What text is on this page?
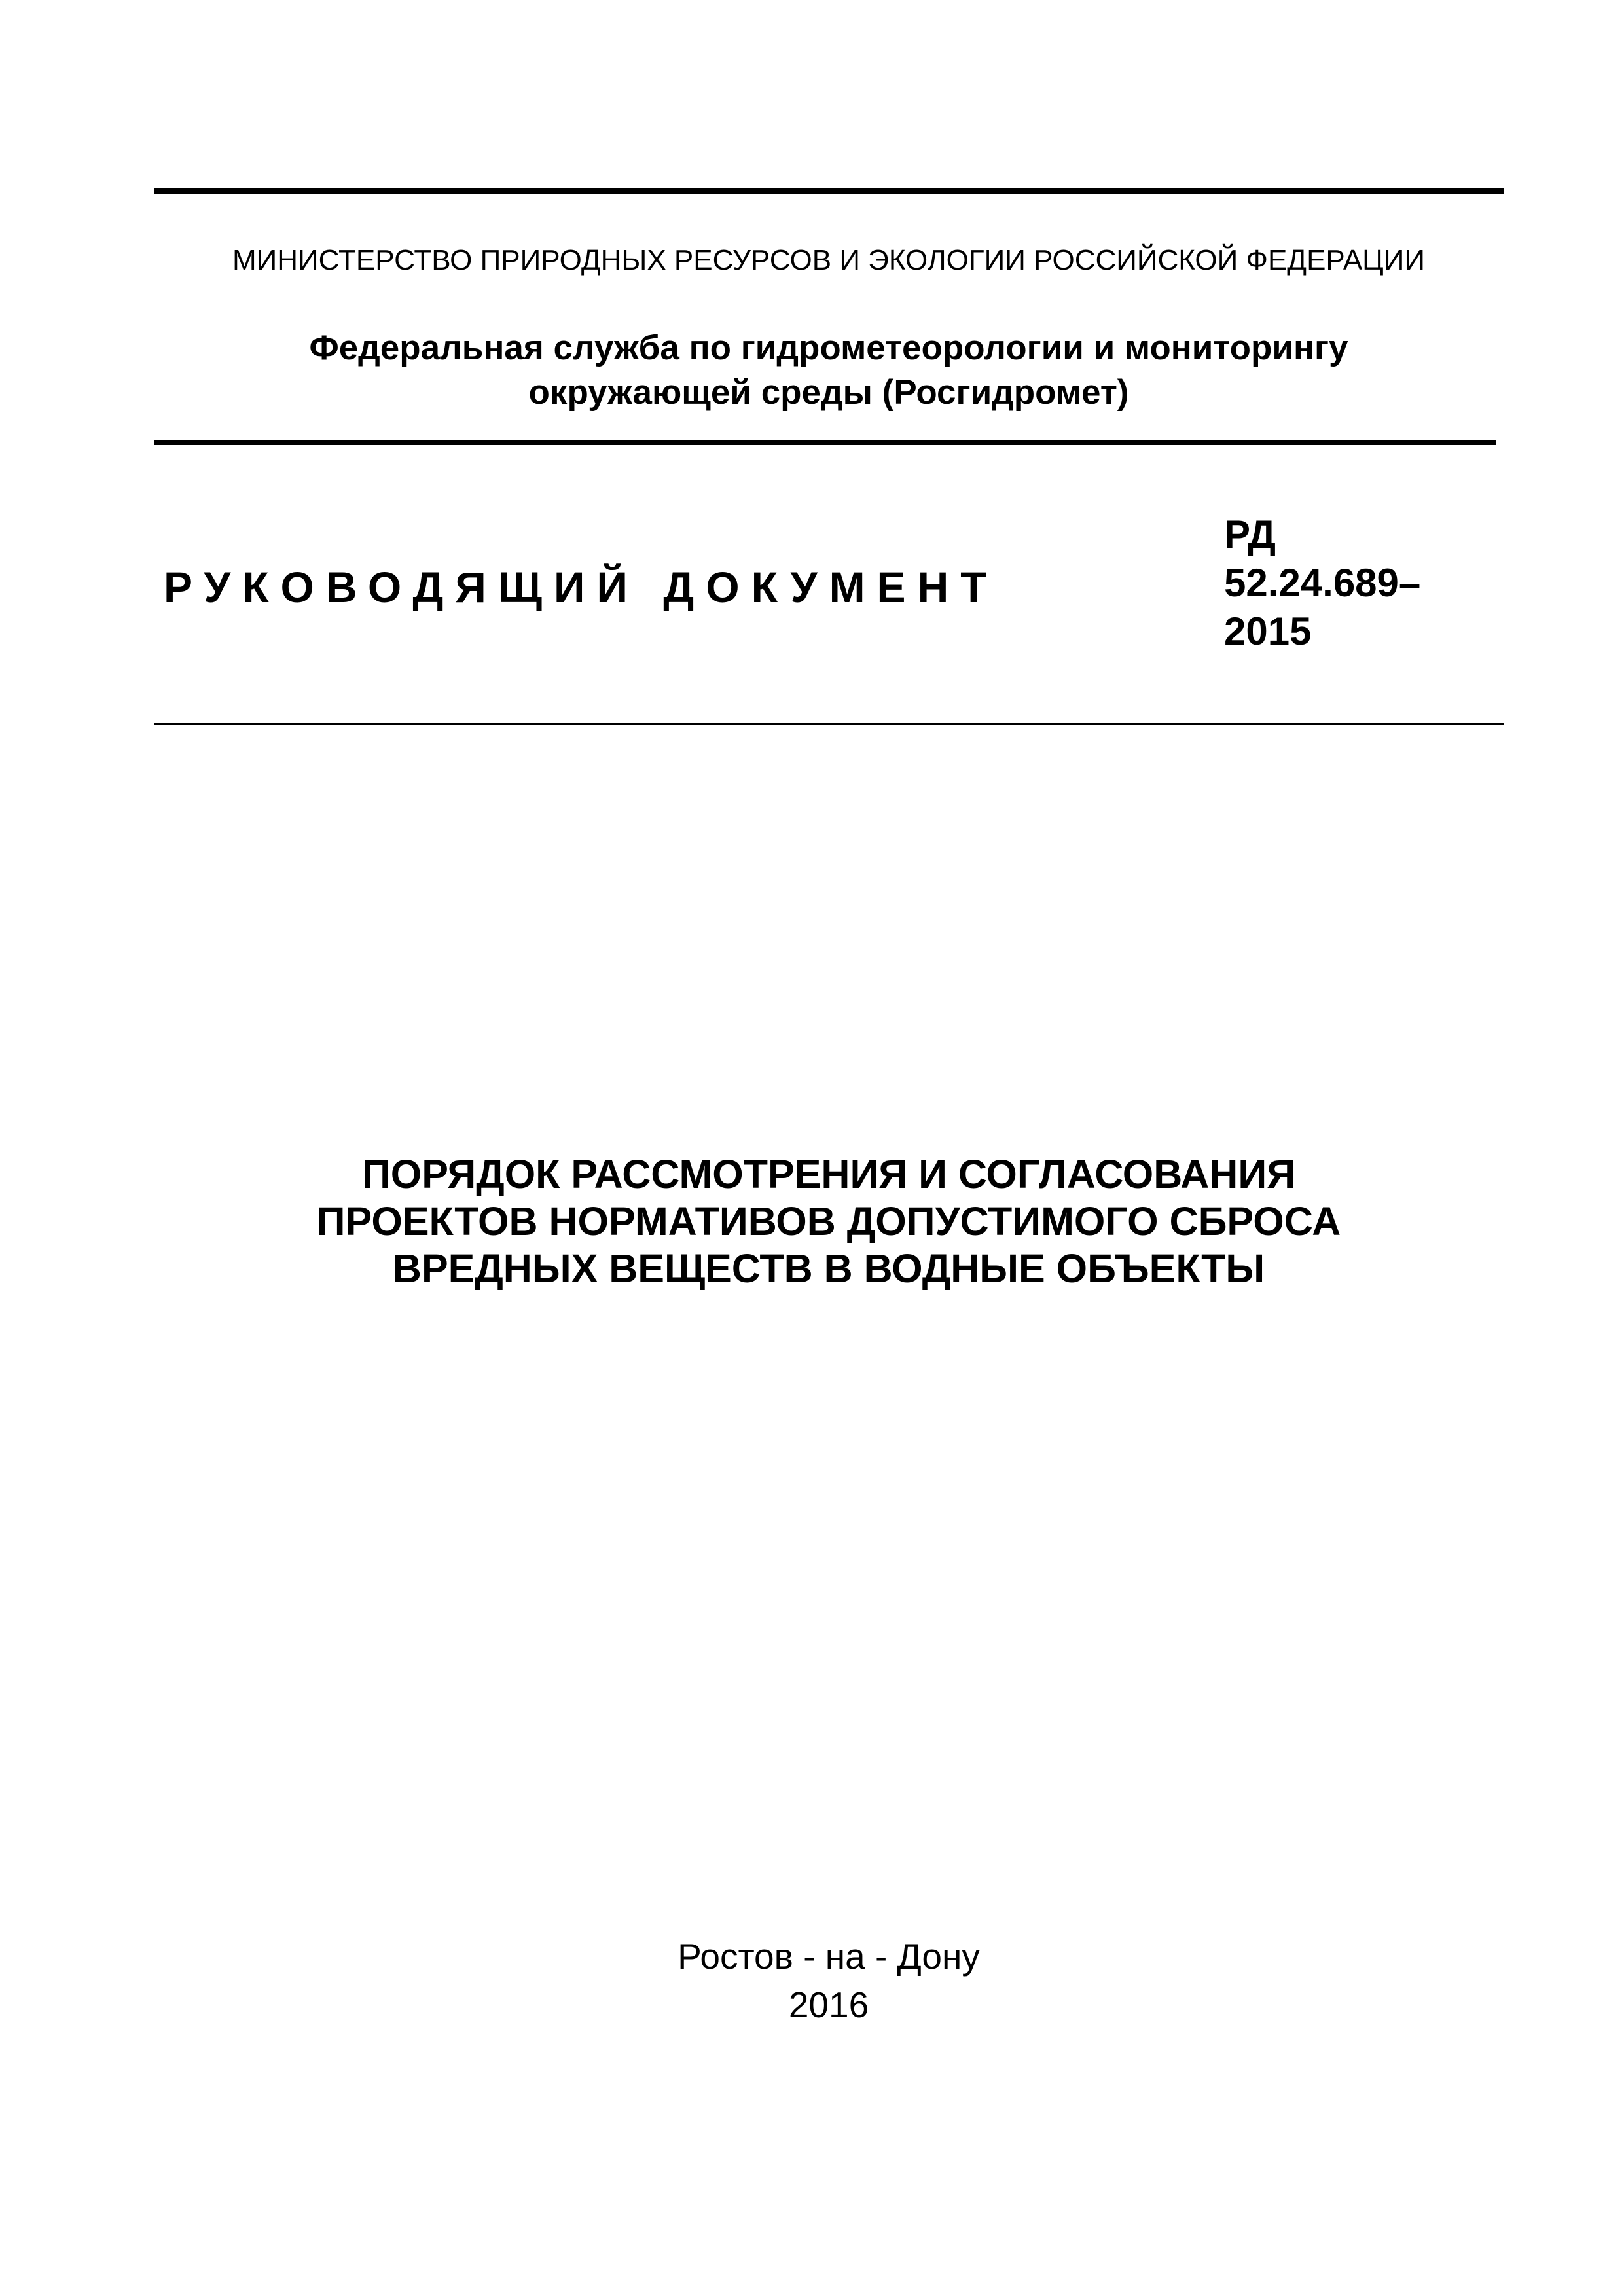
МИНИСТЕРСТВО ПРИРОДНЫХ РЕСУРСОВ И ЭКОЛОГИИ РОССИЙСКОЙ ФЕДЕРАЦИИ
Федеральная служба по гидрометеорологии и мониторингу
окружающей среды (Росгидромет)
РУКОВОДЯЩИЙ ДОКУМЕНТ
РД
52.24.689–
2015
ПОРЯДОК РАССМОТРЕНИЯ И СОГЛАСОВАНИЯ
ПРОЕКТОВ НОРМАТИВОВ ДОПУСТИМОГО СБРОСА
ВРЕДНЫХ ВЕЩЕСТВ В ВОДНЫЕ ОБЪЕКТЫ
Ростов - на - Дону
2016
